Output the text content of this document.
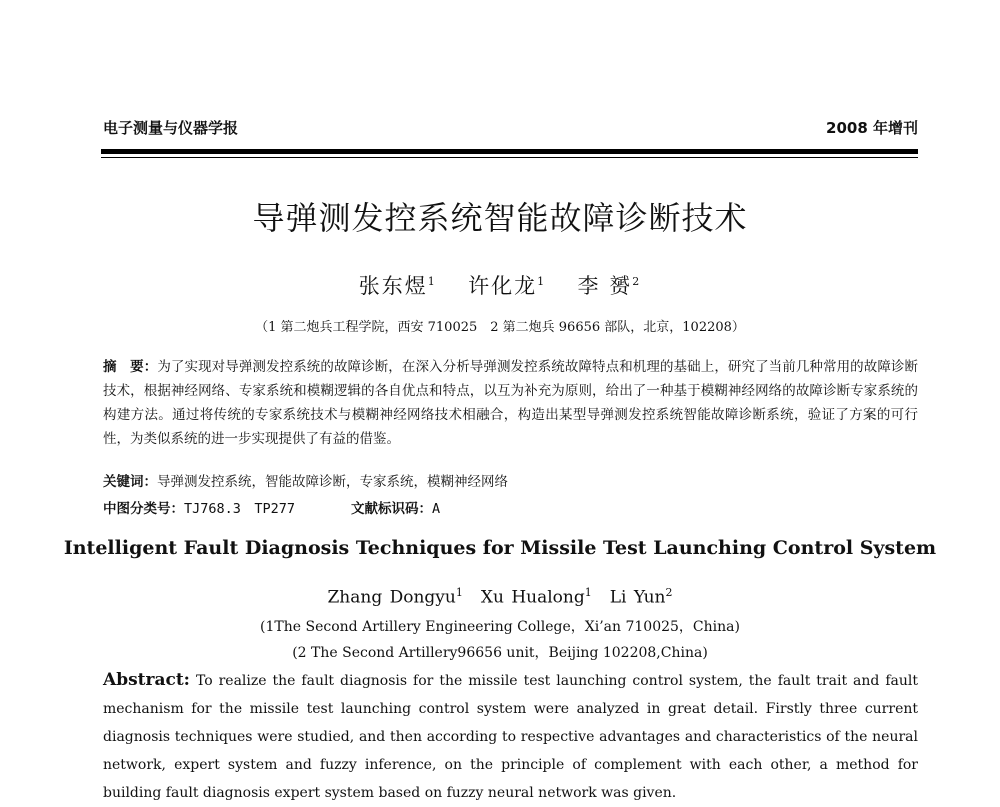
电子测量与仪器学报	2008 年增刊
导弹测发控系统智能故障诊断技术
张东煜$^1$ 许化龙$^1$ 李 赟$^2$
（1 第二炮兵工程学院，西安 710025　2 第二炮兵 96656 部队，北京，102208）
摘　要：为了实现对导弹测发控系统的故障诊断，在深入分析导弹测发控系统故障特点和机理的基础上，研究了当前几种常用的故障诊断技术，根据神经网络、专家系统和模糊逻辑的各自优点和特点，以互为补充为原则，给出了一种基于模糊神经网络的故障诊断专家系统的构建方法。通过将传统的专家系统技术与模糊神经网络技术相融合，构造出某型导弹测发控系统智能故障诊断系统，验证了方案的可行性，为类似系统的进一步实现提供了有益的借鉴。
关键词：导弹测发控系统，智能故障诊断，专家系统，模糊神经网络
中图分类号：TJ768.3　TP277	文献标识码：A
Intelligent Fault Diagnosis Techniques for Missile Test Launching Control System
Zhang Dongyu$^1$ Xu Hualong$^1$ Li Yun$^2$
(1The Second Artillery Engineering College，Xi’an 710025，China)
(2 The Second Artillery96656 unit，Beijing 102208,China)
Abstract: To realize the fault diagnosis for the missile test launching control system, the fault trait and fault mechanism for the missile test launching control system were analyzed in great detail. Firstly three current diagnosis techniques were studied, and then according to respective advantages and characteristics of the neural network, expert system and fuzzy inference, on the principle of complement with each other, a method for building fault diagnosis expert system based on fuzzy neural network was given.
